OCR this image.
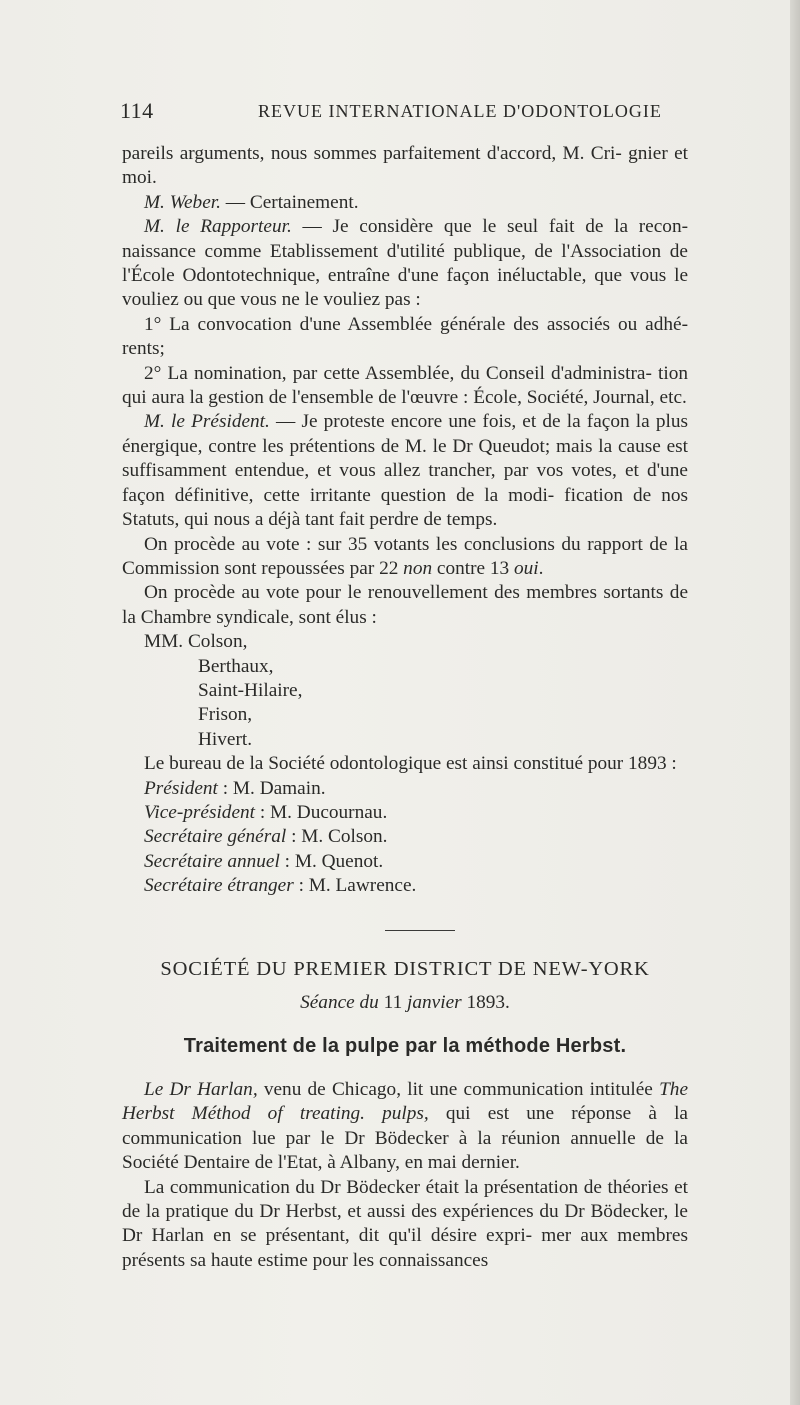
114	REVUE INTERNATIONALE D'ODONTOLOGIE

pareils arguments, nous sommes parfaitement d'accord, M. Cri- gnier et moi.

M. Weber. — Certainement.

M. le Rapporteur. — Je considère que le seul fait de la recon- naissance comme Etablissement d'utilité publique, de l'Association de l'École Odontotechnique, entraîne d'une façon inéluctable, que vous le vouliez ou que vous ne le vouliez pas :

1° La convocation d'une Assemblée générale des associés ou adhé- rents;

2° La nomination, par cette Assemblée, du Conseil d'administra- tion qui aura la gestion de l'ensemble de l'œuvre : École, Société, Journal, etc.

M. le Président. — Je proteste encore une fois, et de la façon la plus énergique, contre les prétentions de M. le Dr Queudot; mais la cause est suffisamment entendue, et vous allez trancher, par vos votes, et d'une façon définitive, cette irritante question de la modi- fication de nos Statuts, qui nous a déjà tant fait perdre de temps.

On procède au vote : sur 35 votants les conclusions du rapport de la Commission sont repoussées par 22 non contre 13 oui.

On procède au vote pour le renouvellement des membres sortants de la Chambre syndicale, sont élus :

MM. Colson,
Berthaux,
Saint-Hilaire,
Frison,
Hivert.

Le bureau de la Société odontologique est ainsi constitué pour 1893 :

Président : M. Damain.

Vice-président : M. Ducournau.

Secrétaire général : M. Colson.

Secrétaire annuel : M. Quenot.

Secrétaire étranger : M. Lawrence.

SOCIÉTÉ DU PREMIER DISTRICT DE NEW-YORK
Séance du 11 janvier 1893.
Traitement de la pulpe par la méthode Herbst.

Le Dr Harlan, venu de Chicago, lit une communication intitulée The Herbst Méthod of treating. pulps, qui est une réponse à la communication lue par le Dr Bödecker à la réunion annuelle de la Société Dentaire de l'Etat, à Albany, en mai dernier.

La communication du Dr Bödecker était la présentation de théories et de la pratique du Dr Herbst, et aussi des expériences du Dr Bödecker, le Dr Harlan en se présentant, dit qu'il désire expri- mer aux membres présents sa haute estime pour les connaissances
